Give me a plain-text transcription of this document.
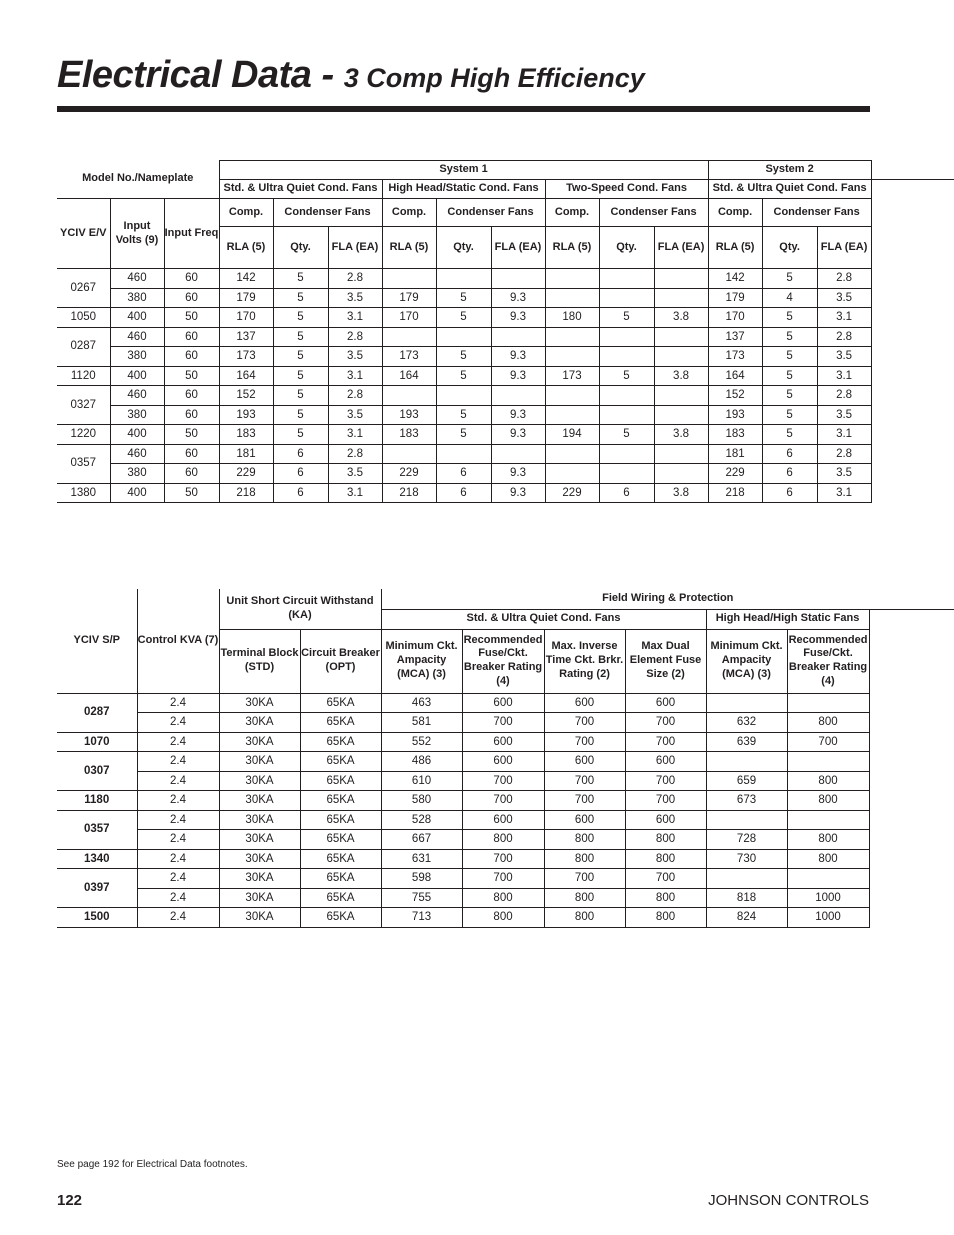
Electrical Data - 3 Comp High Efficiency
Model No./Nameplate			System 1									System 2			
			Std. & Ultra Quiet Cond. Fans			High Head/Static Cond. Fans			Two-Speed Cond. Fans			Std. & Ultra Quiet Cond. Fans			
YCIV E/V	Input Volts (9)	Input Freq	Comp.	Condenser Fans		Comp.	Condenser Fans		Comp.	Condenser Fans		Comp.	Condenser Fans		
			RLA (5)	Qty.	FLA (EA)	RLA (5)	Qty.	FLA (EA)	RLA (5)	Qty.	FLA (EA)	RLA (5)	Qty.	FLA (EA)	
0267	460	60	142	5	2.8							142	5	2.8	
	380	60	179	5	3.5	179	5	9.3				179	4	3.5	
1050	400	50	170	5	3.1	170	5	9.3	180	5	3.8	170	5	3.1	
0287	460	60	137	5	2.8							137	5	2.8	
	380	60	173	5	3.5	173	5	9.3				173	5	3.5	
1120	400	50	164	5	3.1	164	5	9.3	173	5	3.8	164	5	3.1	
0327	460	60	152	5	2.8							152	5	2.8	
	380	60	193	5	3.5	193	5	9.3				193	5	3.5	
1220	400	50	183	5	3.1	183	5	9.3	194	5	3.8	183	5	3.1	
0357	460	60	181	6	2.8							181	6	2.8	
	380	60	229	6	3.5	229	6	9.3				229	6	3.5	
1380	400	50	218	6	3.1	218	6	9.3	229	6	3.8	218	6	3.1	
YCIV S/P	Control KVA (7)	Unit Short Circuit Withstand (KA)		Field Wiring & Protection						
				Std. & Ultra Quiet Cond. Fans				High Head/High Static Fans		
		Terminal Block (STD)	Circuit Breaker (OPT)	Minimum Ckt. Ampacity (MCA) (3)	Recommended Fuse/Ckt. Breaker Rating (4)	Max. Inverse Time Ckt. Brkr. Rating (2)	Max Dual Element Fuse Size (2)	Minimum Ckt. Ampacity (MCA) (3)	Recommended Fuse/Ckt. Breaker Rating (4)	
0287	2.4	30KA	65KA	463	600	600	600			
	2.4	30KA	65KA	581	700	700	700	632	800	
1070	2.4	30KA	65KA	552	600	700	700	639	700	
0307	2.4	30KA	65KA	486	600	600	600			
	2.4	30KA	65KA	610	700	700	700	659	800	
1180	2.4	30KA	65KA	580	700	700	700	673	800	
0357	2.4	30KA	65KA	528	600	600	600			
	2.4	30KA	65KA	667	800	800	800	728	800	
1340	2.4	30KA	65KA	631	700	800	800	730	800	
0397	2.4	30KA	65KA	598	700	700	700			
	2.4	30KA	65KA	755	800	800	800	818	1000	
1500	2.4	30KA	65KA	713	800	800	800	824	1000	
See page 192 for Electrical Data footnotes.
122	JOHNSON CONTROLS
